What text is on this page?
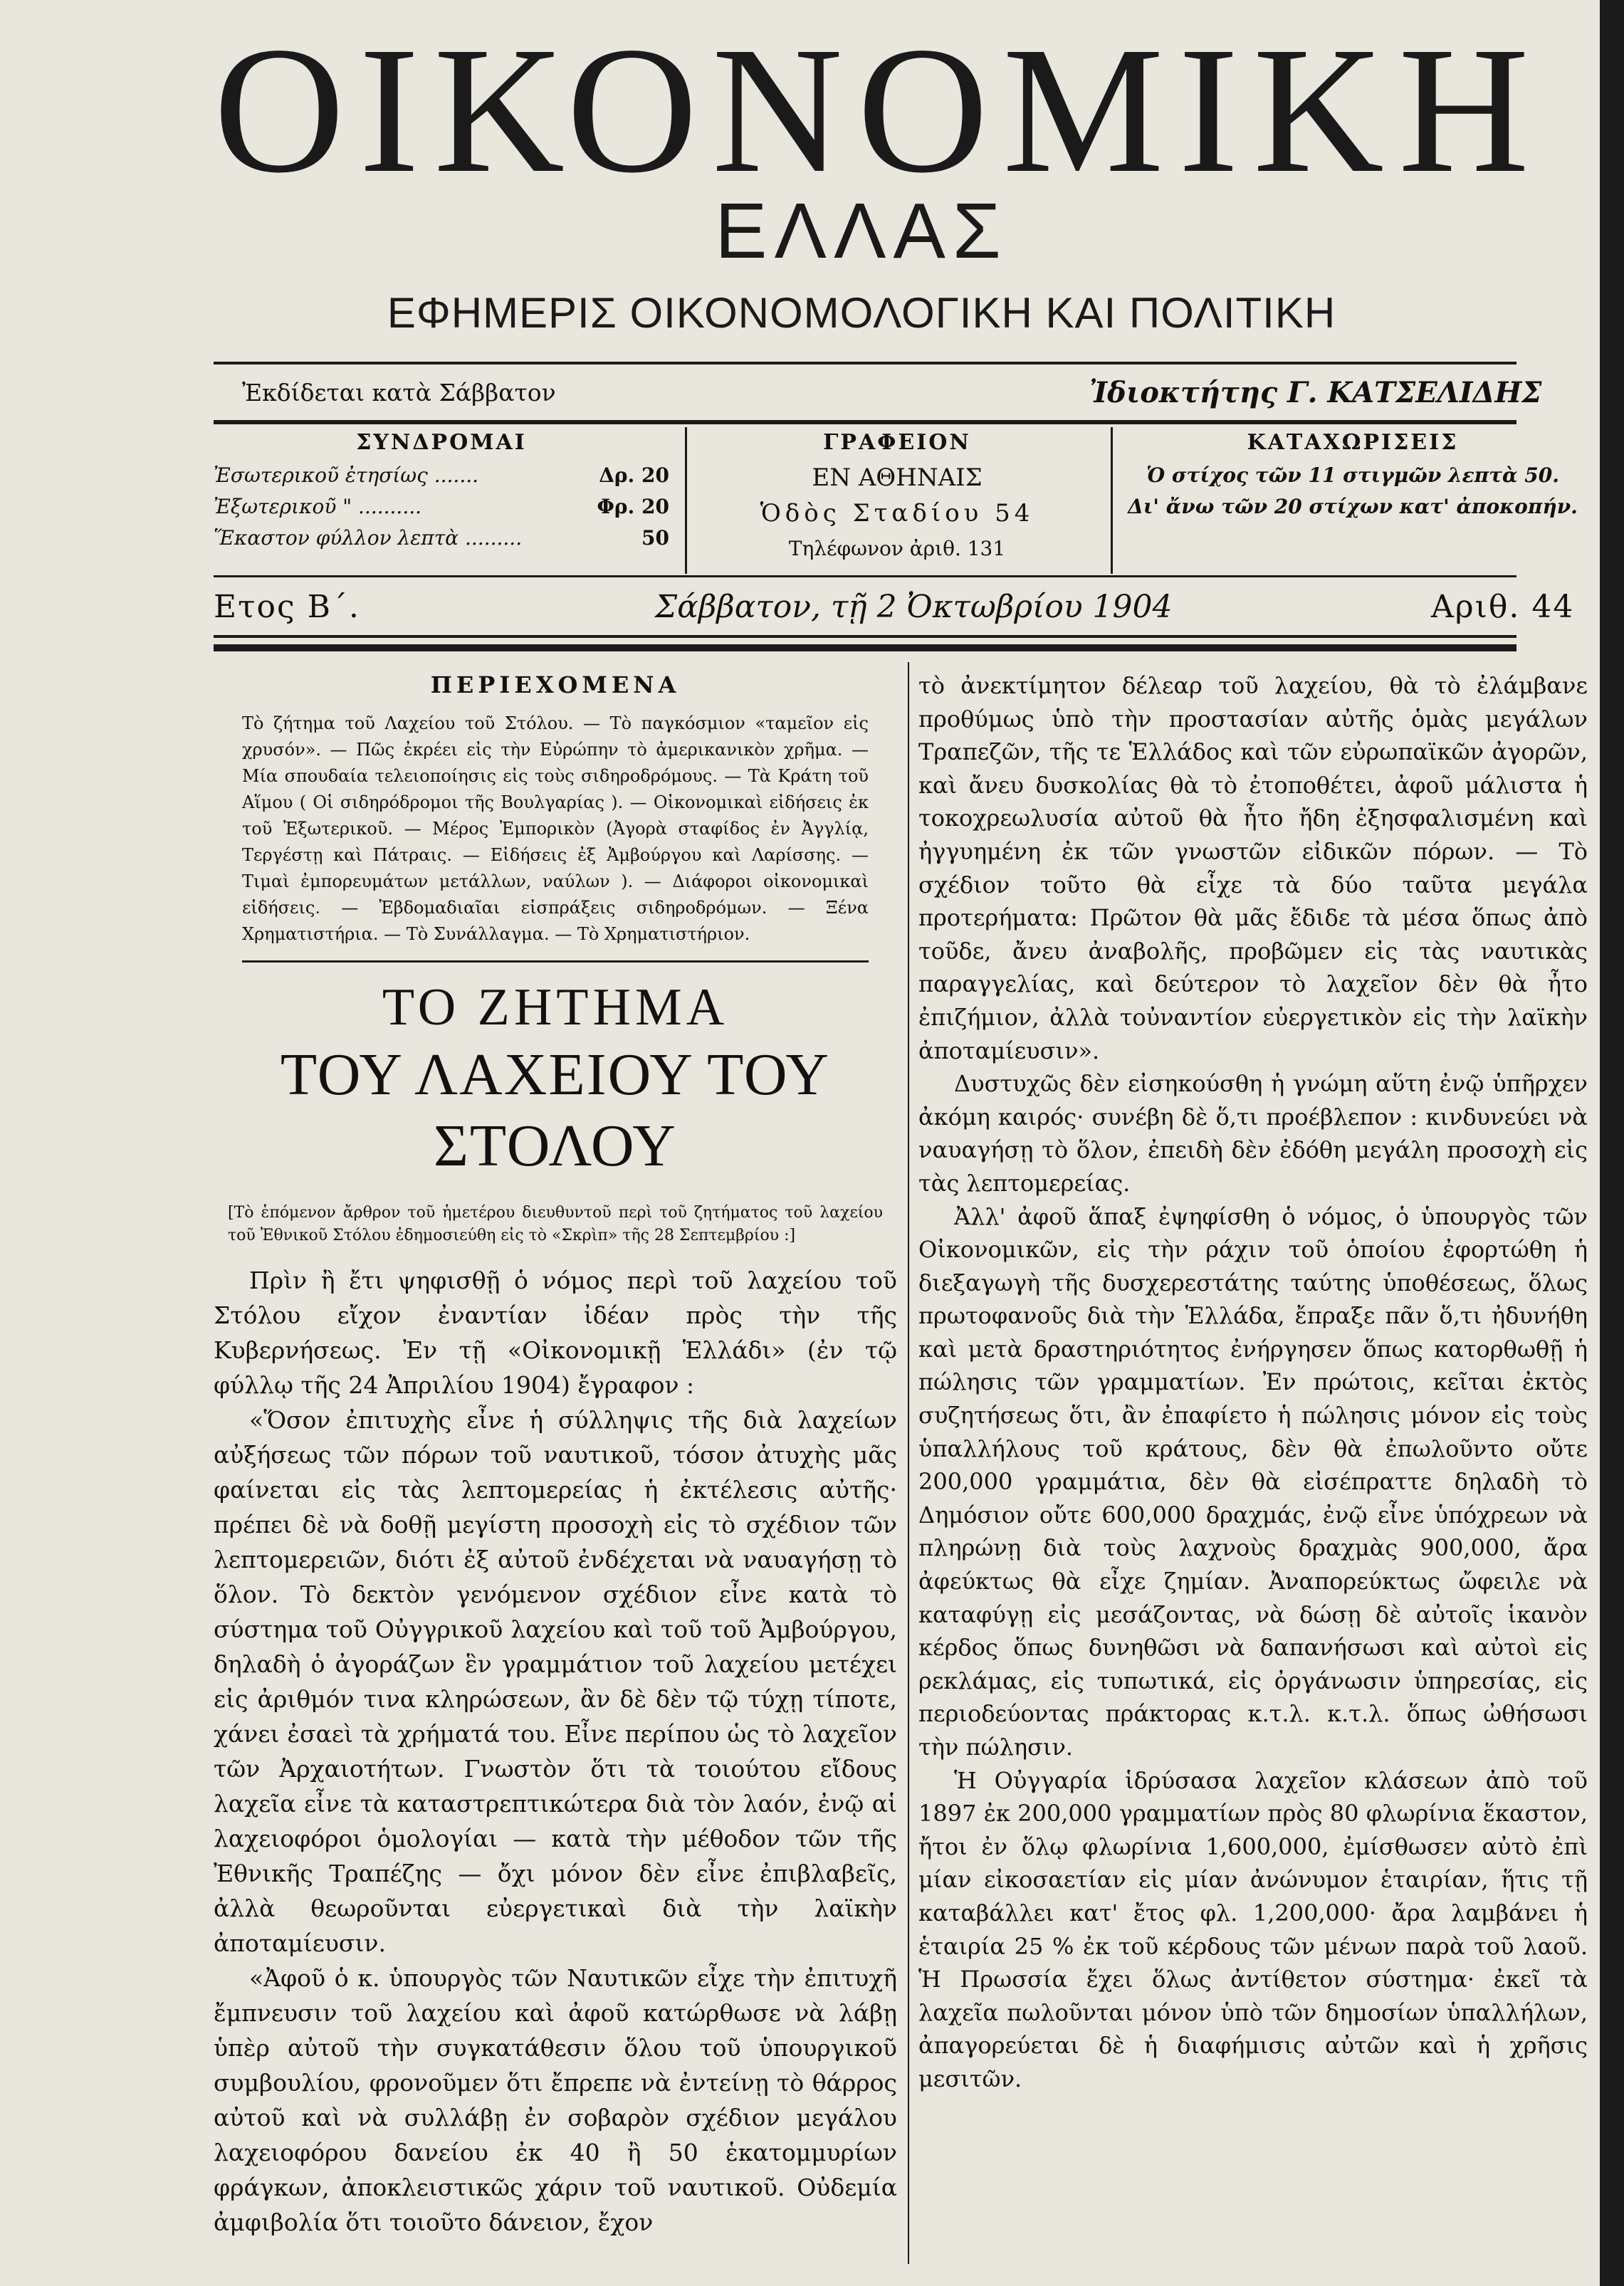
ΟΙΚΟΝΟΜΙΚΗ
ΕΛΛΑΣ
ΕΦΗΜΕΡΙΣ ΟΙΚΟΝΟΜΟΛΟΓΙΚΗ ΚΑΙ ΠΟΛΙΤΙΚΗ
Ἐκδίδεται κατὰ Σάββατον	Ἰδιοκτήτης Γ. ΚΑΤΣΕΛΙΔΗΣ
ΣΥΝΔΡΟΜΑΙ
Ἐσωτερικοῦ ἐτησίως .......	Δρ. 20
Ἐξωτερικοῦ " ..........	Φρ. 20
Ἕκαστον φύλλον λεπτὰ .........	50
ΓΡΑΦΕΙΟΝ
ΕΝ ΑΘΗΝΑΙΣ
Ὁδὸς Σταδίου 54
Τηλέφωνον ἀριθ. 131
ΚΑΤΑΧΩΡΙΣΕΙΣ
Ὁ στίχος τῶν 11 στιγμῶν λεπτὰ 50.
Δι' ἄνω τῶν 20 στίχων κατ' ἀποκοπήν.
Ετος Β΄.	Σάββατον, τῇ 2 Ὀκτωβρίου 1904	Αριθ. 44
ΠΕΡΙΕΧΟΜΕΝΑ
Τὸ ζήτημα τοῦ Λαχείου τοῦ Στόλου. — Τὸ παγκόσμιον «ταμεῖον εἰς χρυσόν». — Πῶς ἐκρέει εἰς τὴν Εὐρώπην τὸ ἀμερικανικὸν χρῆμα. — Μία σπουδαία τελειοποίησις εἰς τοὺς σιδηροδρόμους. — Τὰ Κράτη τοῦ Αἵμου ( Οἱ σιδηρόδρομοι τῆς Βουλγαρίας ). — Οἰκονομικαὶ εἰδήσεις ἐκ τοῦ Ἐξωτερικοῦ. — Μέρος Ἐμπορικὸν (Ἀγορὰ σταφίδος ἐν Ἀγγλίᾳ, Τεργέστῃ καὶ Πάτραις. — Εἰδήσεις ἐξ Ἀμβούργου καὶ Λαρίσσης. — Τιμαὶ ἐμπορευμάτων μετάλλων, ναύλων ). — Διάφοροι οἰκονομικαὶ εἰδήσεις. — Ἑβδομαδιαῖαι εἰσπράξεις σιδηροδρόμων. — Ξένα Χρηματιστήρια. — Τὸ Συνάλλαγμα. — Τὸ Χρηματιστήριον.
ΤΟ ΖΗΤΗΜΑ
ΤΟΥ ΛΑΧΕΙΟΥ ΤΟΥ ΣΤΟΛΟΥ
[Τὸ ἑπόμενον ἄρθρον τοῦ ἡμετέρου διευθυντοῦ περὶ τοῦ ζητήματος τοῦ λαχείου τοῦ Ἐθνικοῦ Στόλου ἐδημοσιεύθη εἰς τὸ «Σκρὶπ» τῆς 28 Σεπτεμβρίου :]

Πρὶν ἢ ἔτι ψηφισθῇ ὁ νόμος περὶ τοῦ λαχείου τοῦ Στόλου εἴχον ἐναντίαν ἰδέαν πρὸς τὴν τῆς Κυβερνήσεως. Ἐν τῇ «Οἰκονομικῇ Ἑλλάδι» (ἐν τῷ φύλλῳ τῆς 24 Ἀπριλίου 1904) ἔγραφον :

«Ὅσον ἐπιτυχὴς εἶνε ἡ σύλληψις τῆς διὰ λαχείων αὐξήσεως τῶν πόρων τοῦ ναυτικοῦ, τόσον ἀτυχὴς μᾶς φαίνεται εἰς τὰς λεπτομερείας ἡ ἐκτέλεσις αὐτῆς· πρέπει δὲ νὰ δοθῇ μεγίστη προσοχὴ εἰς τὸ σχέδιον τῶν λεπτομερειῶν, διότι ἐξ αὐτοῦ ἐνδέχεται νὰ ναυαγήσῃ τὸ ὅλον. Τὸ δεκτὸν γενόμενον σχέδιον εἶνε κατὰ τὸ σύστημα τοῦ Οὐγγρικοῦ λαχείου καὶ τοῦ τοῦ Ἀμβούργου, δηλαδὴ ὁ ἀγοράζων ἓν γραμμάτιον τοῦ λαχείου μετέχει εἰς ἀριθμόν τινα κληρώσεων, ἂν δὲ δὲν τῷ τύχῃ τίποτε, χάνει ἐσαεὶ τὰ χρήματά του. Εἶνε περίπου ὡς τὸ λαχεῖον τῶν Ἀρχαιοτήτων. Γνωστὸν ὅτι τὰ τοιούτου εἴδους λαχεῖα εἶνε τὰ καταστρεπτικώτερα διὰ τὸν λαόν, ἐνῷ αἱ λαχειοφόροι ὁμολογίαι — κατὰ τὴν μέθοδον τῶν τῆς Ἐθνικῆς Τραπέζης — ὄχι μόνον δὲν εἶνε ἐπιβλαβεῖς, ἀλλὰ θεωροῦνται εὐεργετικαὶ διὰ τὴν λαϊκὴν ἀποταμίευσιν.

«Ἀφοῦ ὁ κ. ὑπουργὸς τῶν Ναυτικῶν εἶχε τὴν ἐπιτυχῆ ἔμπνευσιν τοῦ λαχείου καὶ ἀφοῦ κατώρθωσε νὰ λάβῃ ὑπὲρ αὐτοῦ τὴν συγκατάθεσιν ὅλου τοῦ ὑπουργικοῦ συμβουλίου, φρονοῦμεν ὅτι ἔπρεπε νὰ ἐντείνῃ τὸ θάρρος αὐτοῦ καὶ νὰ συλλάβῃ ἐν σοβαρὸν σχέδιον μεγάλου λαχειοφόρου δανείου ἐκ 40 ἢ 50 ἑκατομμυρίων φράγκων, ἀποκλειστικῶς χάριν τοῦ ναυτικοῦ. Οὐδεμία ἀμφιβολία ὅτι τοιοῦτο δάνειον, ἔχον

τὸ ἀνεκτίμητον δέλεαρ τοῦ λαχείου, θὰ τὸ ἐλάμβανε προθύμως ὑπὸ τὴν προστασίαν αὐτῆς ὁμὰς μεγάλων Τραπεζῶν, τῆς τε Ἑλλάδος καὶ τῶν εὐρωπαϊκῶν ἀγορῶν, καὶ ἄνευ δυσκολίας θὰ τὸ ἐτοποθέτει, ἀφοῦ μάλιστα ἡ τοκοχρεωλυσία αὐτοῦ θὰ ἦτο ἤδη ἐξησφαλισμένη καὶ ἠγγυημένη ἐκ τῶν γνωστῶν εἰδικῶν πόρων. — Τὸ σχέδιον τοῦτο θὰ εἶχε τὰ δύο ταῦτα μεγάλα προτερήματα: Πρῶτον θὰ μᾶς ἔδιδε τὰ μέσα ὅπως ἀπὸ τοῦδε, ἄνευ ἀναβολῆς, προβῶμεν εἰς τὰς ναυτικὰς παραγγελίας, καὶ δεύτερον τὸ λαχεῖον δὲν θὰ ἦτο ἐπιζήμιον, ἀλλὰ τοὐναντίον εὐεργετικὸν εἰς τὴν λαϊκὴν ἀποταμίευσιν».

Δυστυχῶς δὲν εἰσηκούσθη ἡ γνώμη αὕτη ἐνῷ ὑπῆρχεν ἀκόμη καιρός· συνέβη δὲ ὅ,τι προέβλεπον : κινδυνεύει νὰ ναυαγήσῃ τὸ ὅλον, ἐπειδὴ δὲν ἐδόθη μεγάλη προσοχὴ εἰς τὰς λεπτομερείας.

Ἀλλ' ἀφοῦ ἅπαξ ἐψηφίσθη ὁ νόμος, ὁ ὑπουργὸς τῶν Οἰκονομικῶν, εἰς τὴν ράχιν τοῦ ὁποίου ἐφορτώθη ἡ διεξαγωγὴ τῆς δυσχερεστάτης ταύτης ὑποθέσεως, ὅλως πρωτοφανοῦς διὰ τὴν Ἑλλάδα, ἔπραξε πᾶν ὅ,τι ἠδυνήθη καὶ μετὰ δραστηριότητος ἐνήργησεν ὅπως κατορθωθῇ ἡ πώλησις τῶν γραμματίων. Ἐν πρώτοις, κεῖται ἐκτὸς συζητήσεως ὅτι, ἂν ἐπαφίετο ἡ πώλησις μόνον εἰς τοὺς ὑπαλλήλους τοῦ κράτους, δὲν θὰ ἐπωλοῦντο οὔτε 200,000 γραμμάτια, δὲν θὰ εἰσέπραττε δηλαδὴ τὸ Δημόσιον οὔτε 600,000 δραχμάς, ἐνῷ εἶνε ὑπόχρεων νὰ πληρώνῃ διὰ τοὺς λαχνοὺς δραχμὰς 900,000, ἄρα ἀφεύκτως θὰ εἶχε ζημίαν. Ἀναπορεύκτως ὤφειλε νὰ καταφύγῃ εἰς μεσάζοντας, νὰ δώσῃ δὲ αὐτοῖς ἱκανὸν κέρδος ὅπως δυνηθῶσι νὰ δαπανήσωσι καὶ αὐτοὶ εἰς ρεκλάμας, εἰς τυπωτικά, εἰς ὀργάνωσιν ὑπηρεσίας, εἰς περιοδεύοντας πράκτορας κ.τ.λ. κ.τ.λ. ὅπως ὠθήσωσι τὴν πώλησιν.

Ἡ Οὐγγαρία ἱδρύσασα λαχεῖον κλάσεων ἀπὸ τοῦ 1897 ἐκ 200,000 γραμματίων πρὸς 80 φλωρίνια ἕκαστον, ἤτοι ἐν ὅλῳ φλωρίνια 1,600,000, ἐμίσθωσεν αὐτὸ ἐπὶ μίαν εἰκοσαετίαν εἰς μίαν ἀνώνυμον ἑταιρίαν, ἥτις τῇ καταβάλλει κατ' ἔτος φλ. 1,200,000· ἄρα λαμβάνει ἡ ἑταιρία 25 % ἐκ τοῦ κέρδους τῶν μένων παρὰ τοῦ λαοῦ. Ἡ Πρωσσία ἔχει ὅλως ἀντίθετον σύστημα· ἐκεῖ τὰ λαχεῖα πωλοῦνται μόνον ὑπὸ τῶν δημοσίων ὑπαλλήλων, ἀπαγορεύεται δὲ ἡ διαφήμισις αὐτῶν καὶ ἡ χρῆσις μεσιτῶν.
